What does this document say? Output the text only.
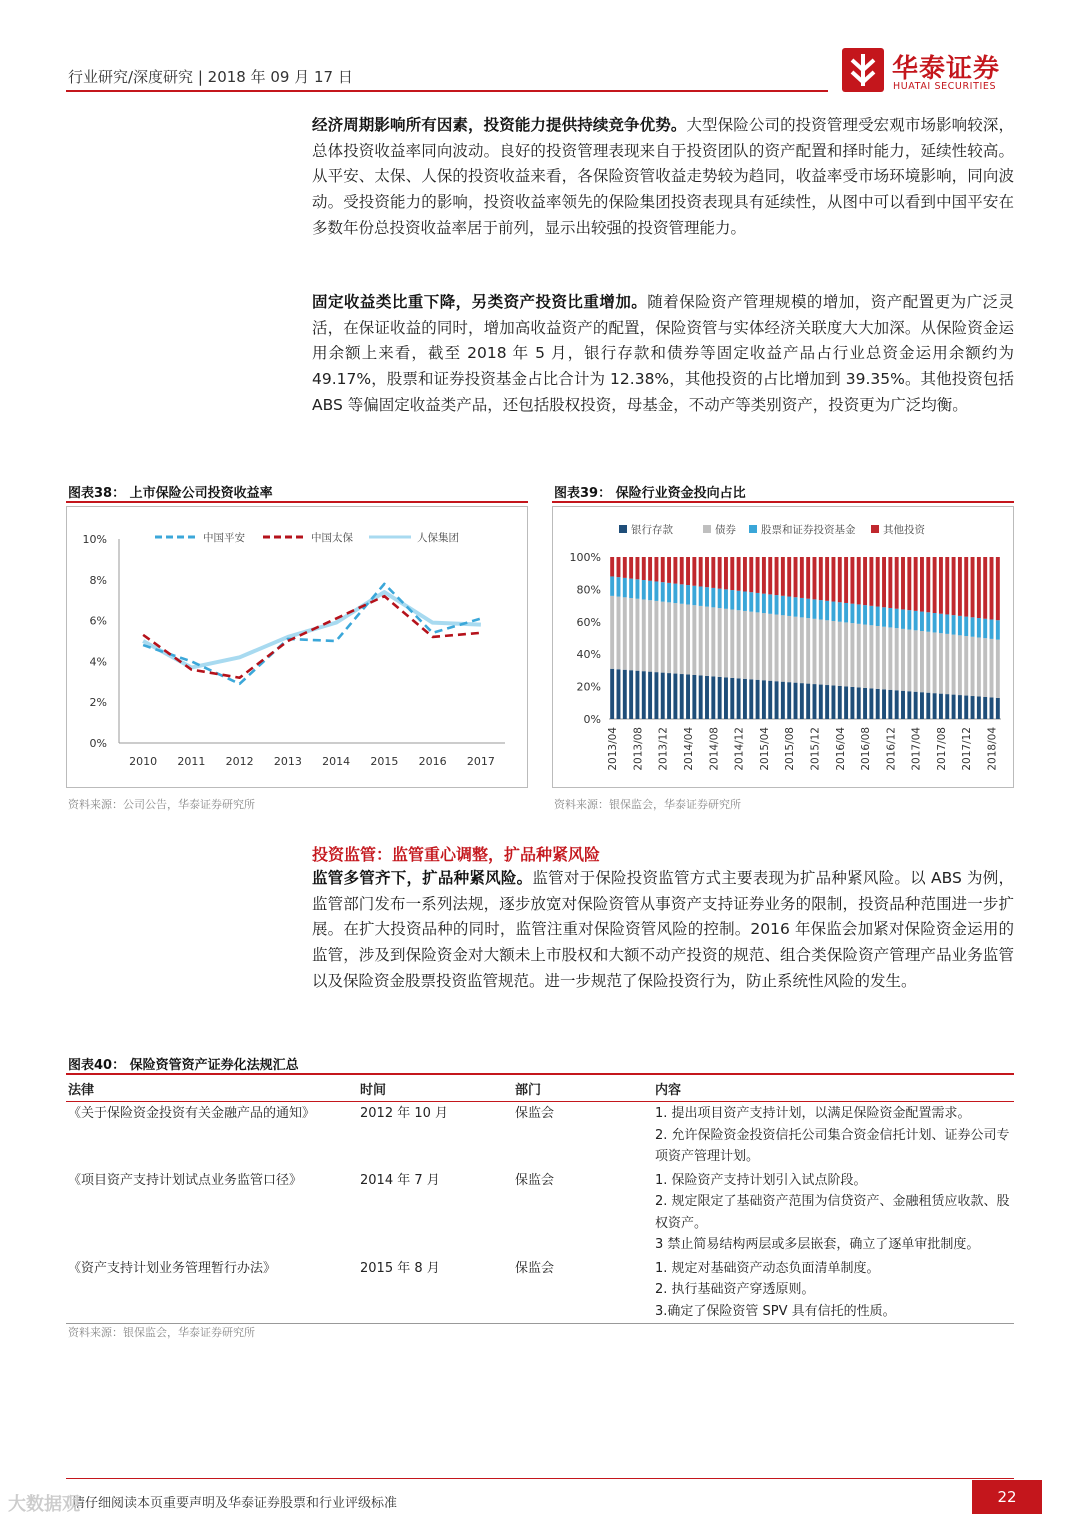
行业研究/深度研究 | 2018 年 09 月 17 日	华泰证券
HUATAI SECURITIES

经济周期影响所有因素，投资能力提供持续竞争优势。大型保险公司的投资管理受宏观市场影响较深，总体投资收益率同向波动。良好的投资管理表现来自于投资团队的资产配置和择时能力，延续性较高。从平安、太保、人保的投资收益来看，各保险资管收益走势较为趋同，收益率受市场环境影响，同向波动。受投资能力的影响，投资收益率领先的保险集团投资表现具有延续性，从图中可以看到中国平安在多数年份总投资收益率居于前列，显示出较强的投资管理能力。

固定收益类比重下降，另类资产投资比重增加。随着保险资产管理规模的增加，资产配置更为广泛灵活，在保证收益的同时，增加高收益资产的配置，保险资管与实体经济关联度大大加深。从保险资金运用余额上来看，截至 2018 年 5 月，银行存款和债券等固定收益产品占行业总资金运用余额约为 49.17%，股票和证券投资基金占比合计为 12.38%，其他投资的占比增加到 39.35%。其他投资包括 ABS 等偏固定收益类产品，还包括股权投资，母基金，不动产等类别资产，投资更为广泛均衡。

图表38： 上市保险公司投资收益率
0%
2%
4%
6%
8%
10%
2010 2011 2012 2013 2014 2015 2016 2017
中国平安	中国太保	人保集团
资料来源：公司公告，华泰证券研究所
图表39： 保险行业资金投向占比
银行存款	债券 股票和证券投资基金	其他投资
0%
20%
40%
60%
80%
100%
2013/04 2013/08 2013/12 2014/04 2014/08 2014/12 2015/04 2015/08 2015/12 2016/04 2016/08 2016/12 2017/04 2017/08 2017/12 2018/04
资料来源：银保监会，华泰证券研究所
投资监管：监管重心调整，扩品种紧风险

监管多管齐下，扩品种紧风险。监管对于保险投资监管方式主要表现为扩品种紧风险。以 ABS 为例，监管部门发布一系列法规，逐步放宽对保险资管从事资产支持证券业务的限制，投资品种范围进一步扩展。在扩大投资品种的同时，监管注重对保险资管风险的控制。2016 年保监会加紧对保险资金运用的监管，涉及到保险资金对大额未上市股权和大额不动产投资的规范、组合类保险资产管理产品业务监管以及保险资金股票投资监管规范。进一步规范了保险投资行为，防止系统性风险的发生。

图表40： 保险资管资产证券化法规汇总
法律	时间	部门	内容
《关于保险资金投资有关金融产品的通知》	2012 年 10 月	保监会	1. 提出项目资产支持计划，以满足保险资金配置需求。
2. 允许保险资金投资信托公司集合资金信托计划、证券公司专项资产管理计划。

《项目资产支持计划试点业务监管口径》	2014 年 7 月	保监会	1. 保险资产支持计划引入试点阶段。
2. 规定限定了基础资产范围为信贷资产、金融租赁应收款、股权资产。
3 禁止简易结构两层或多层嵌套，确立了逐单审批制度。

《资产支持计划业务管理暂行办法》	2015 年 8 月	保监会	1. 规定对基础资产动态负面清单制度。
2. 执行基础资产穿透原则。
3.确定了保险资管 SPV 具有信托的性质。
资料来源：银保监会，华泰证券研究所
请仔细阅读本页重要声明及华泰证券股票和行业评级标准	22
大数据观
